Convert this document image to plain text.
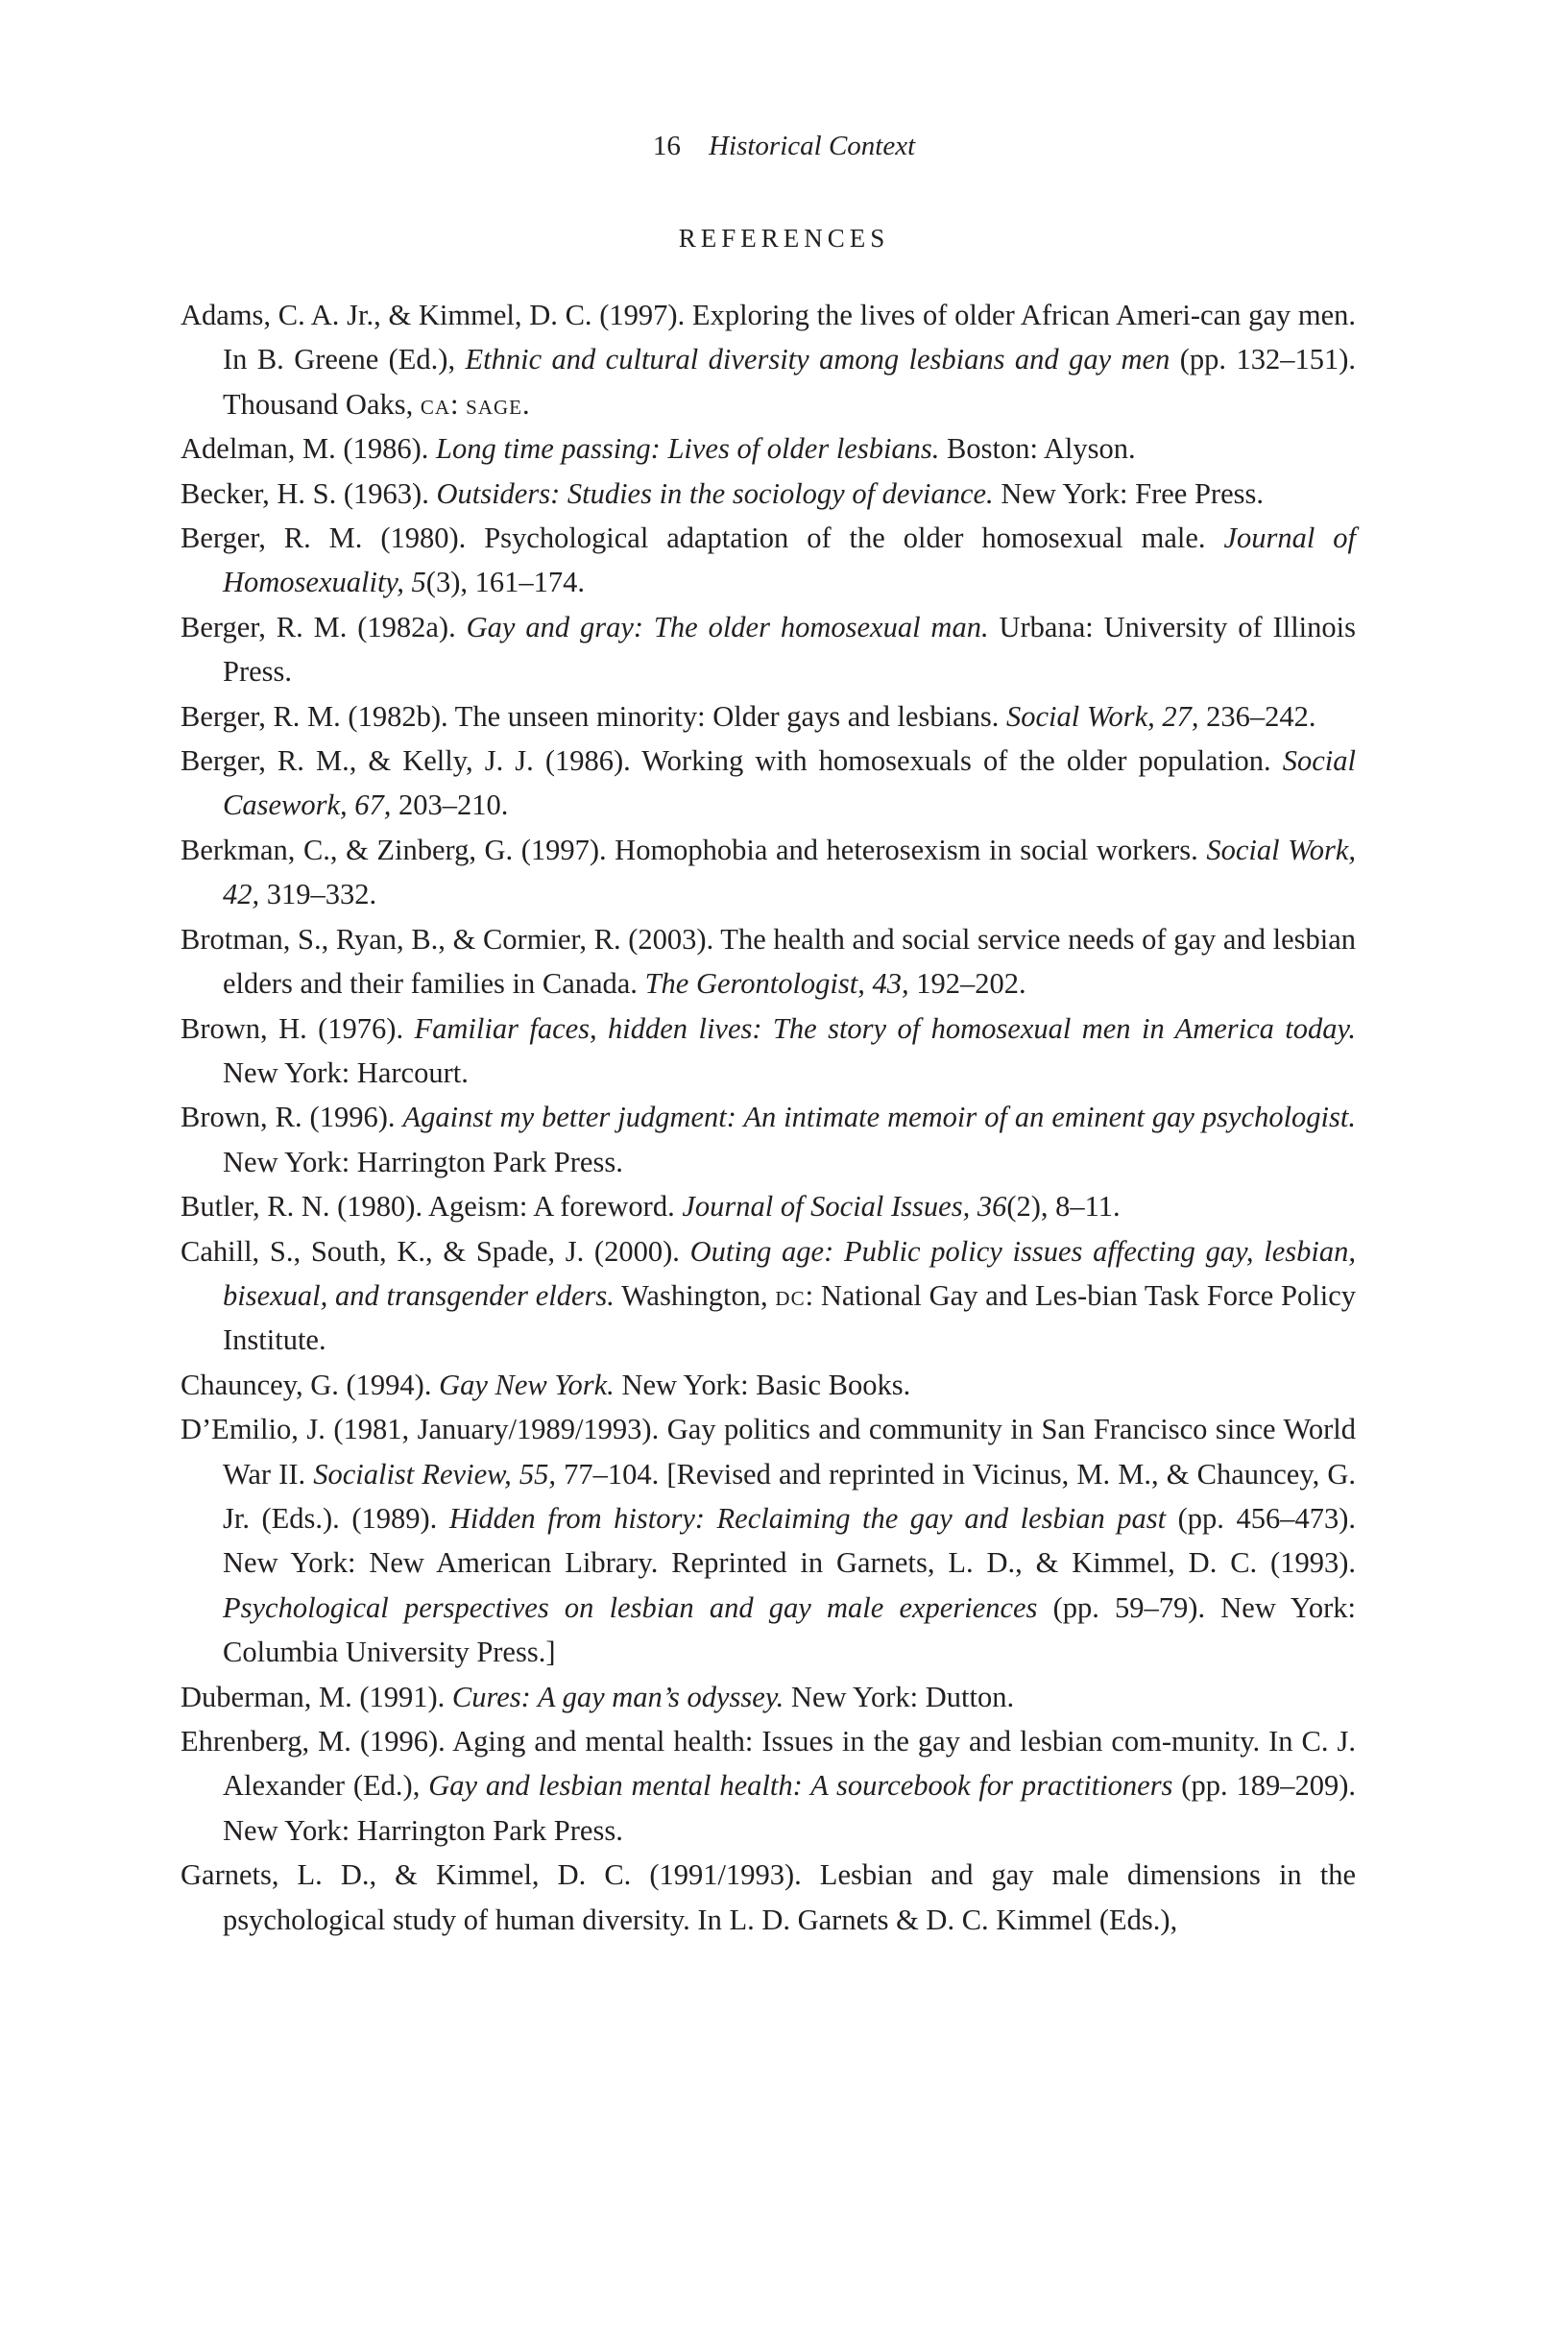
16 Historical Context
REFERENCES
Adams, C. A. Jr., & Kimmel, D. C. (1997). Exploring the lives of older African Ameri-can gay men. In B. Greene (Ed.), Ethnic and cultural diversity among lesbians and gay men (pp. 132–151). Thousand Oaks, ca: sage.
Adelman, M. (1986). Long time passing: Lives of older lesbians. Boston: Alyson.
Becker, H. S. (1963). Outsiders: Studies in the sociology of deviance. New York: Free Press.
Berger, R. M. (1980). Psychological adaptation of the older homosexual male. Journal of Homosexuality, 5(3), 161–174.
Berger, R. M. (1982a). Gay and gray: The older homosexual man. Urbana: University of Illinois Press.
Berger, R. M. (1982b). The unseen minority: Older gays and lesbians. Social Work, 27, 236–242.
Berger, R. M., & Kelly, J. J. (1986). Working with homosexuals of the older population. Social Casework, 67, 203–210.
Berkman, C., & Zinberg, G. (1997). Homophobia and heterosexism in social workers. Social Work, 42, 319–332.
Brotman, S., Ryan, B., & Cormier, R. (2003). The health and social service needs of gay and lesbian elders and their families in Canada. The Gerontologist, 43, 192–202.
Brown, H. (1976). Familiar faces, hidden lives: The story of homosexual men in America today. New York: Harcourt.
Brown, R. (1996). Against my better judgment: An intimate memoir of an eminent gay psychologist. New York: Harrington Park Press.
Butler, R. N. (1980). Ageism: A foreword. Journal of Social Issues, 36(2), 8–11.
Cahill, S., South, K., & Spade, J. (2000). Outing age: Public policy issues affecting gay, lesbian, bisexual, and transgender elders. Washington, dc: National Gay and Les-bian Task Force Policy Institute.
Chauncey, G. (1994). Gay New York. New York: Basic Books.
D’Emilio, J. (1981, January/1989/1993). Gay politics and community in San Francisco since World War II. Socialist Review, 55, 77–104. [Revised and reprinted in Vicinus, M. M., & Chauncey, G. Jr. (Eds.). (1989). Hidden from history: Reclaiming the gay and lesbian past (pp. 456–473). New York: New American Library. Reprinted in Garnets, L. D., & Kimmel, D. C. (1993). Psychological perspectives on lesbian and gay male experiences (pp. 59–79). New York: Columbia University Press.]
Duberman, M. (1991). Cures: A gay man’s odyssey. New York: Dutton.
Ehrenberg, M. (1996). Aging and mental health: Issues in the gay and lesbian com-munity. In C. J. Alexander (Ed.), Gay and lesbian mental health: A sourcebook for practitioners (pp. 189–209). New York: Harrington Park Press.
Garnets, L. D., & Kimmel, D. C. (1991/1993). Lesbian and gay male dimensions in the psychological study of human diversity. In L. D. Garnets & D. C. Kimmel (Eds.),
